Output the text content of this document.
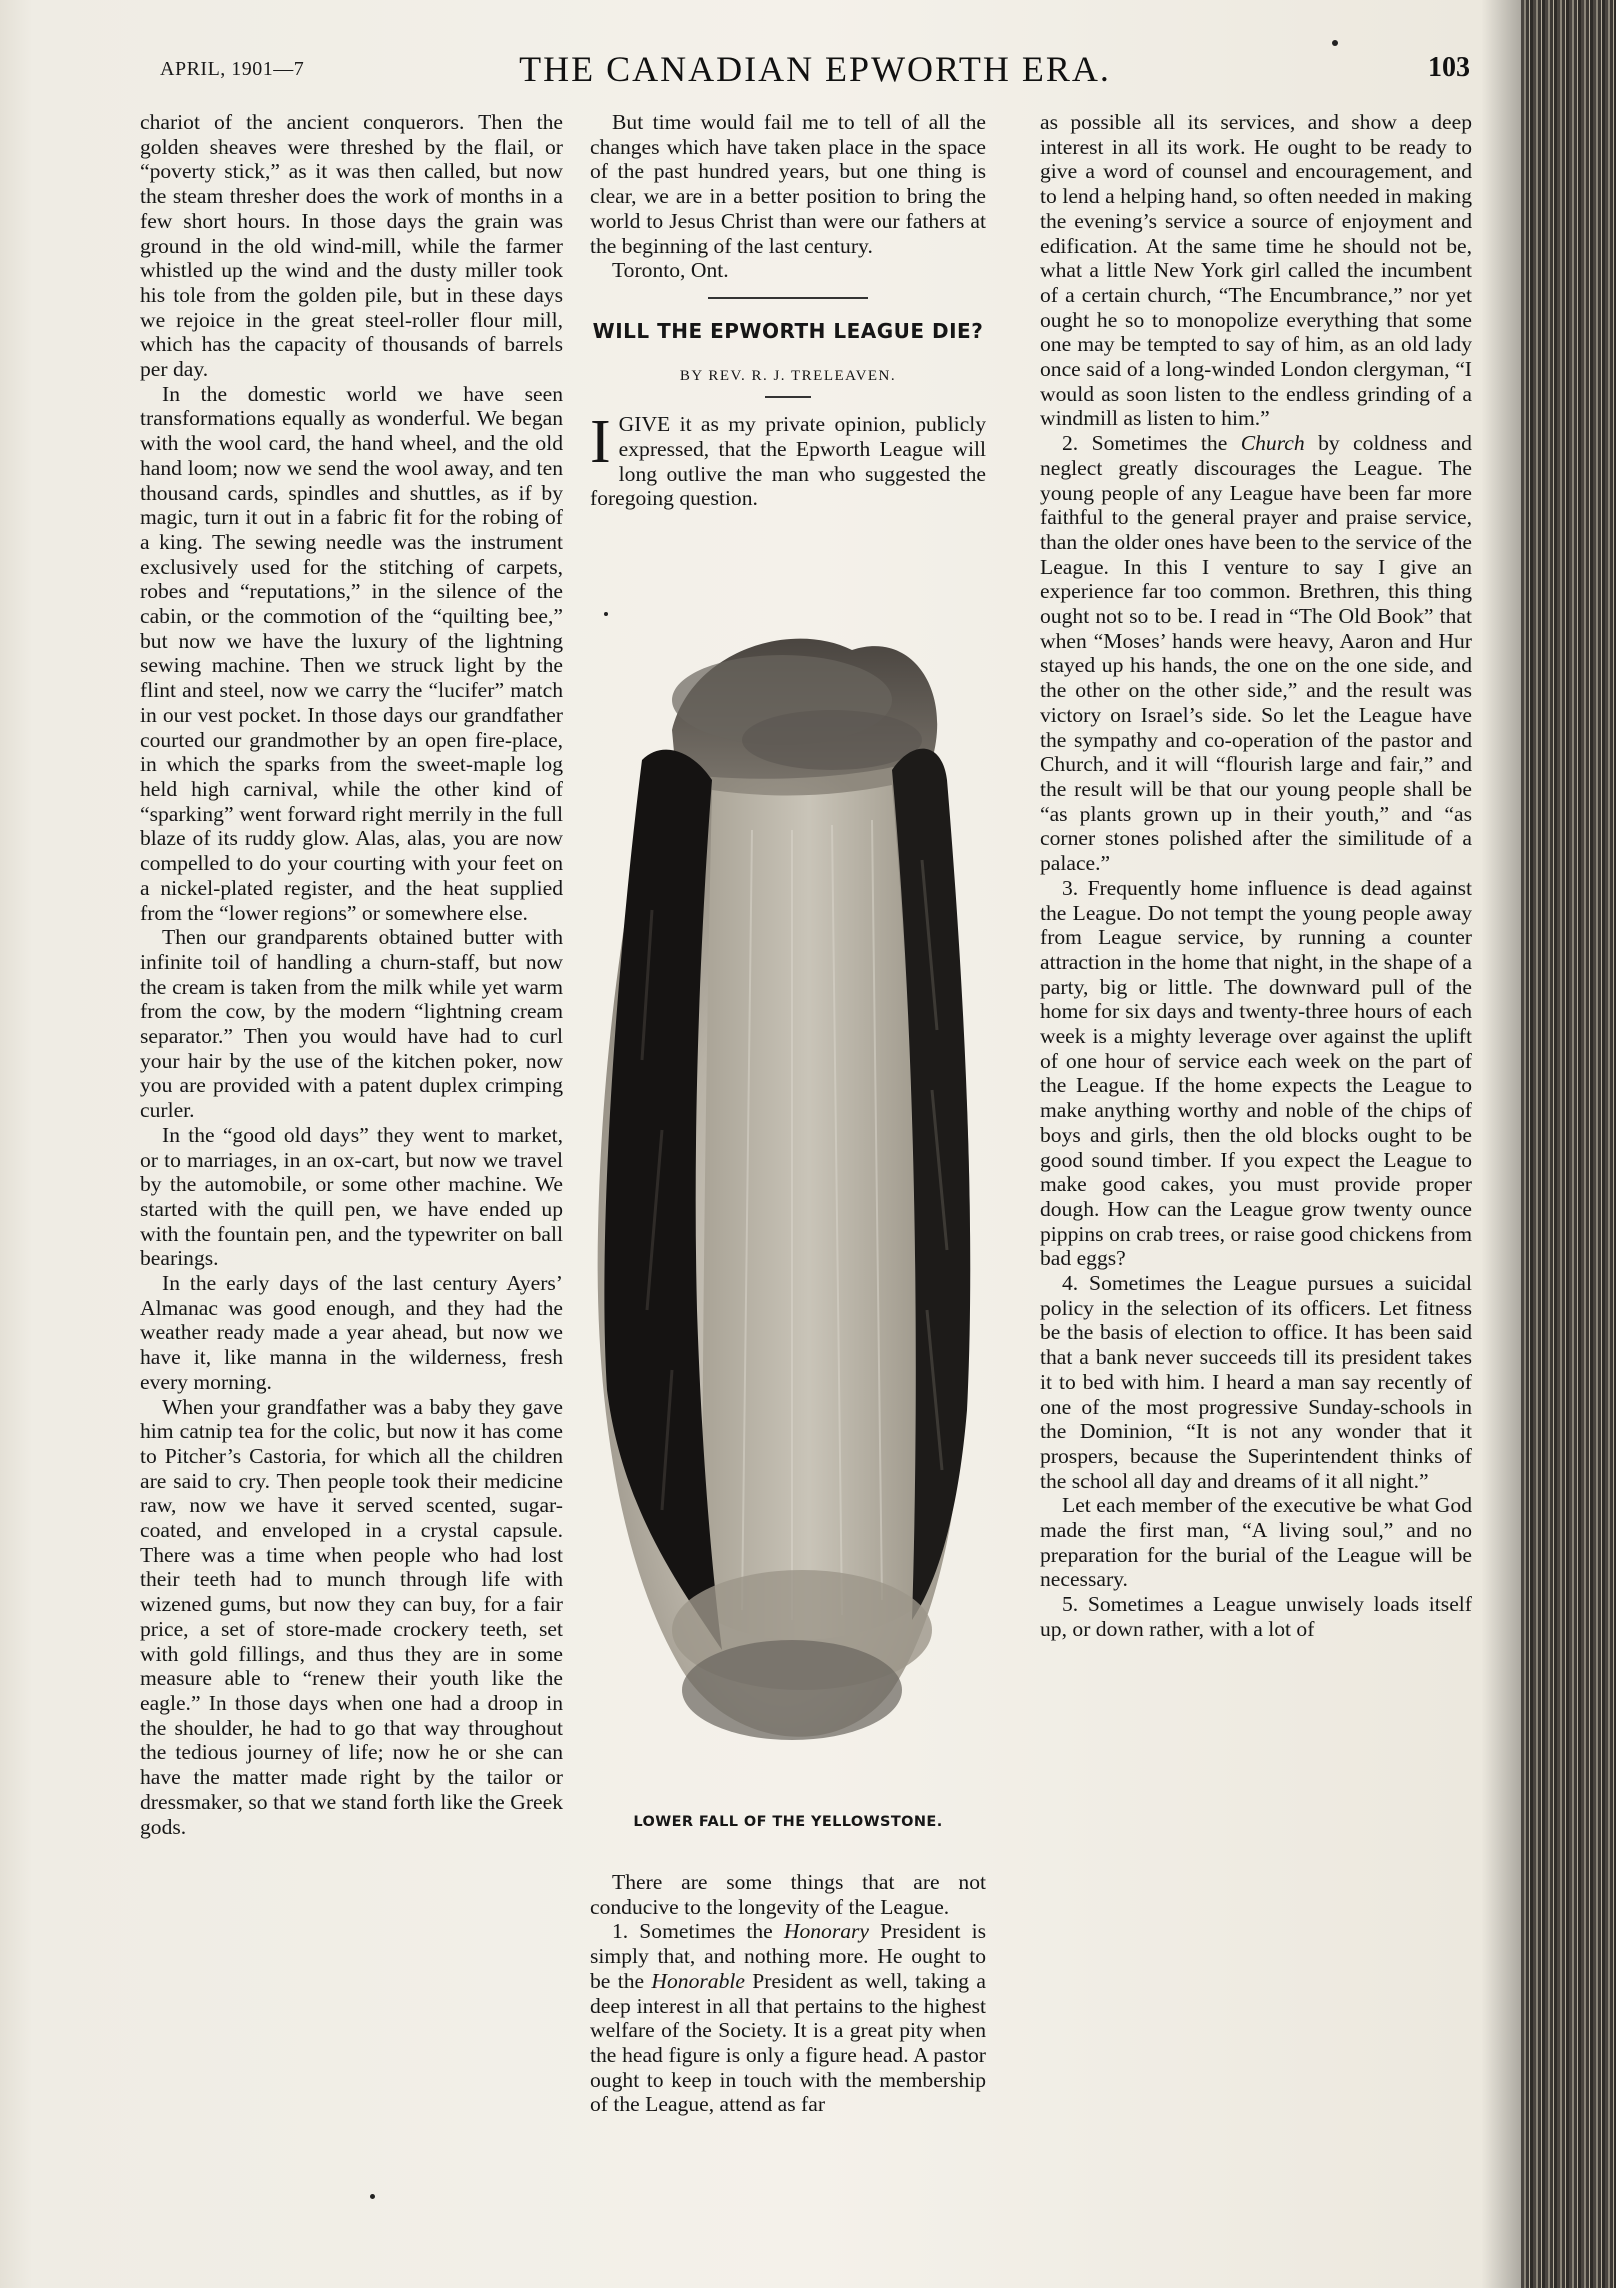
APRIL, 1901—7	THE CANADIAN EPWORTH ERA.	103

chariot of the ancient conquerors. Then the golden sheaves were threshed by the flail, or “poverty stick,” as it was then called, but now the steam thresher does the work of months in a few short hours. In those days the grain was ground in the old wind-mill, while the farmer whistled up the wind and the dusty miller took his tole from the golden pile, but in these days we rejoice in the great steel-roller flour mill, which has the capacity of thousands of barrels per day.

In the domestic world we have seen transformations equally as wonderful. We began with the wool card, the hand wheel, and the old hand loom; now we send the wool away, and ten thousand cards, spindles and shuttles, as if by magic, turn it out in a fabric fit for the robing of a king. The sewing needle was the instrument exclusively used for the stitching of carpets, robes and “reputations,” in the silence of the cabin, or the commotion of the “quilting bee,” but now we have the luxury of the lightning sewing machine. Then we struck light by the flint and steel, now we carry the “lucifer” match in our vest pocket. In those days our grandfather courted our grandmother by an open fire-place, in which the sparks from the sweet-maple log held high carnival, while the other kind of “sparking” went forward right merrily in the full blaze of its ruddy glow. Alas, alas, you are now compelled to do your courting with your feet on a nickel-plated register, and the heat supplied from the “lower regions” or somewhere else.

Then our grandparents obtained butter with infinite toil of handling a churn-staff, but now the cream is taken from the milk while yet warm from the cow, by the modern “lightning cream separator.” Then you would have had to curl your hair by the use of the kitchen poker, now you are provided with a patent duplex crimping curler.

In the “good old days” they went to market, or to marriages, in an ox-cart, but now we travel by the automobile, or some other machine. We started with the quill pen, we have ended up with the fountain pen, and the typewriter on ball bearings.

In the early days of the last century Ayers’ Almanac was good enough, and they had the weather ready made a year ahead, but now we have it, like manna in the wilderness, fresh every morning.

When your grandfather was a baby they gave him catnip tea for the colic, but now it has come to Pitcher’s Castoria, for which all the children are said to cry. Then people took their medicine raw, now we have it served scented, sugar-coated, and enveloped in a crystal capsule. There was a time when people who had lost their teeth had to munch through life with wizened gums, but now they can buy, for a fair price, a set of store-made crockery teeth, set with gold fillings, and thus they are in some measure able to “renew their youth like the eagle.” In those days when one had a droop in the shoulder, he had to go that way throughout the tedious journey of life; now he or she can have the matter made right by the tailor or dressmaker, so that we stand forth like the Greek gods.

But time would fail me to tell of all the changes which have taken place in the space of the past hundred years, but one thing is clear, we are in a better position to bring the world to Jesus Christ than were our fathers at the beginning of the last century.

Toronto, Ont.

WILL THE EPWORTH LEAGUE DIE?
BY REV. R. J. TRELEAVEN.

IGIVE it as my private opinion, publicly expressed, that the Epworth League will long outlive the man who suggested the foregoing question.

LOWER FALL OF THE YELLOWSTONE.

There are some things that are not conducive to the longevity of the League.

1. Sometimes the Honorary President is simply that, and nothing more. He ought to be the Honorable President as well, taking a deep interest in all that pertains to the highest welfare of the Society. It is a great pity when the head figure is only a figure head. A pastor ought to keep in touch with the membership of the League, attend as far

as possible all its services, and show a deep interest in all its work. He ought to be ready to give a word of counsel and encouragement, and to lend a helping hand, so often needed in making the evening’s service a source of enjoyment and edification. At the same time he should not be, what a little New York girl called the incumbent of a certain church, “The Encumbrance,” nor yet ought he so to monopolize everything that some one may be tempted to say of him, as an old lady once said of a long-winded London clergyman, “I would as soon listen to the endless grinding of a windmill as listen to him.”

2. Sometimes the Church by coldness and neglect greatly discourages the League. The young people of any League have been far more faithful to the general prayer and praise service, than the older ones have been to the service of the League. In this I venture to say I give an experience far too common. Brethren, this thing ought not so to be. I read in “The Old Book” that when “Moses’ hands were heavy, Aaron and Hur stayed up his hands, the one on the one side, and the other on the other side,” and the result was victory on Israel’s side. So let the League have the sympathy and co-operation of the pastor and Church, and it will “flourish large and fair,” and the result will be that our young people shall be “as plants grown up in their youth,” and “as corner stones polished after the similitude of a palace.”

3. Frequently home influence is dead against the League. Do not tempt the young people away from League service, by running a counter attraction in the home that night, in the shape of a party, big or little. The downward pull of the home for six days and twenty-three hours of each week is a mighty leverage over against the uplift of one hour of service each week on the part of the League. If the home expects the League to make anything worthy and noble of the chips of boys and girls, then the old blocks ought to be good sound timber. If you expect the League to make good cakes, you must provide proper dough. How can the League grow twenty ounce pippins on crab trees, or raise good chickens from bad eggs?

4. Sometimes the League pursues a suicidal policy in the selection of its officers. Let fitness be the basis of election to office. It has been said that a bank never succeeds till its president takes it to bed with him. I heard a man say recently of one of the most progressive Sunday-schools in the Dominion, “It is not any wonder that it prospers, because the Superintendent thinks of the school all day and dreams of it all night.”

Let each member of the executive be what God made the first man, “A living soul,” and no preparation for the burial of the League will be necessary.

5. Sometimes a League unwisely loads itself up, or down rather, with a lot of
